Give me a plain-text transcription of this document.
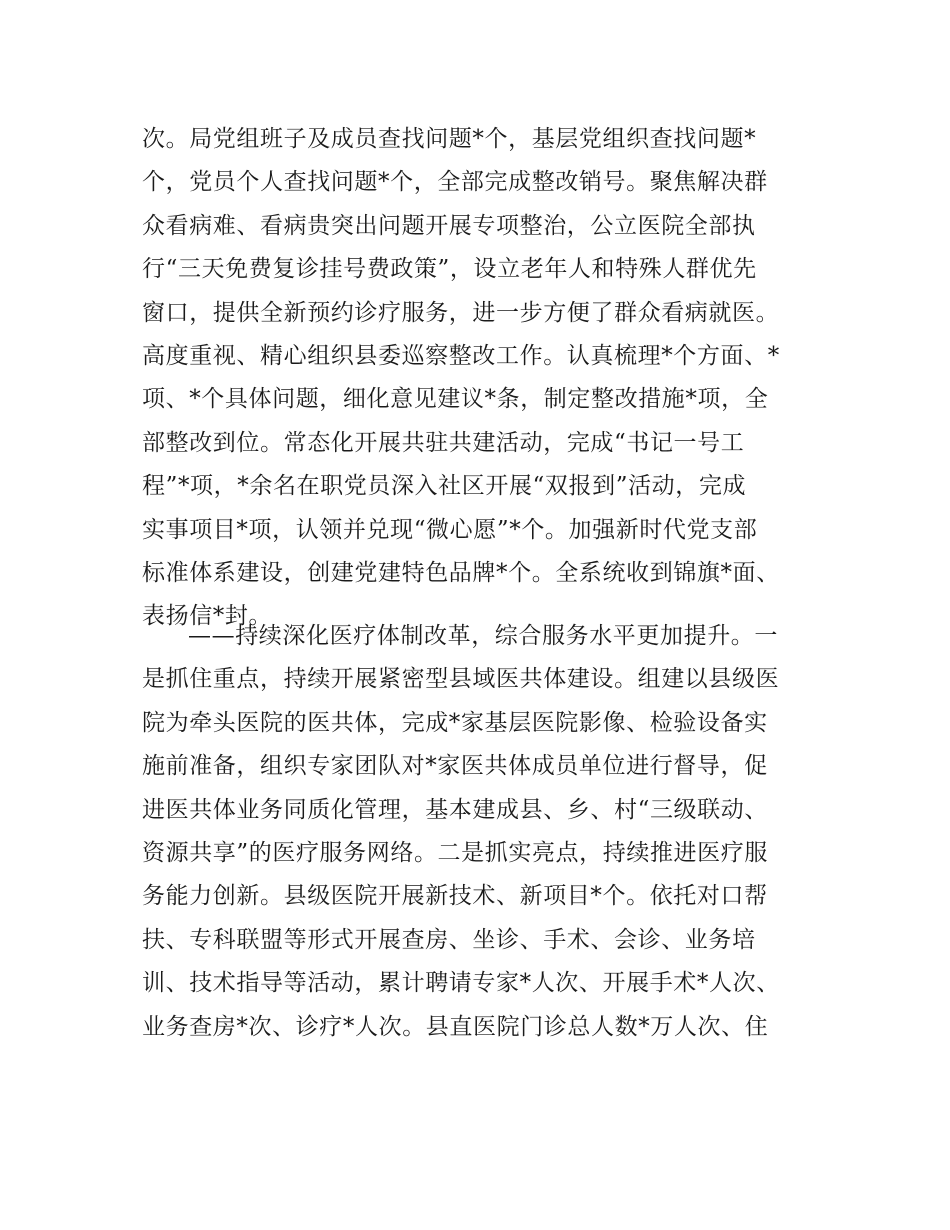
次。局党组班子及成员查找问题*个，基层党组织查找问题*
个，党员个人查找问题*个，全部完成整改销号。聚焦解决群
众看病难、看病贵突出问题开展专项整治，公立医院全部执
行“三天免费复诊挂号费政策”，设立老年人和特殊人群优先
窗口，提供全新预约诊疗服务，进一步方便了群众看病就医。
高度重视、精心组织县委巡察整改工作。认真梳理*个方面、*
项、*个具体问题，细化意见建议*条，制定整改措施*项，全
部整改到位。常态化开展共驻共建活动，完成“书记一号工
程”*项，*余名在职党员深入社区开展“双报到”活动，完成
实事项目*项，认领并兑现“微心愿”*个。加强新时代党支部
标准体系建设，创建党建特色品牌*个。全系统收到锦旗*面、
表扬信*封。
——持续深化医疗体制改革，综合服务水平更加提升。一
是抓住重点，持续开展紧密型县域医共体建设。组建以县级医
院为牵头医院的医共体，完成*家基层医院影像、检验设备实
施前准备，组织专家团队对*家医共体成员单位进行督导，促
进医共体业务同质化管理，基本建成县、乡、村“三级联动、
资源共享”的医疗服务网络。二是抓实亮点，持续推进医疗服
务能力创新。县级医院开展新技术、新项目*个。依托对口帮
扶、专科联盟等形式开展查房、坐诊、手术、会诊、业务培
训、技术指导等活动，累计聘请专家*人次、开展手术*人次、
业务查房*次、诊疗*人次。县直医院门诊总人数*万人次、住
